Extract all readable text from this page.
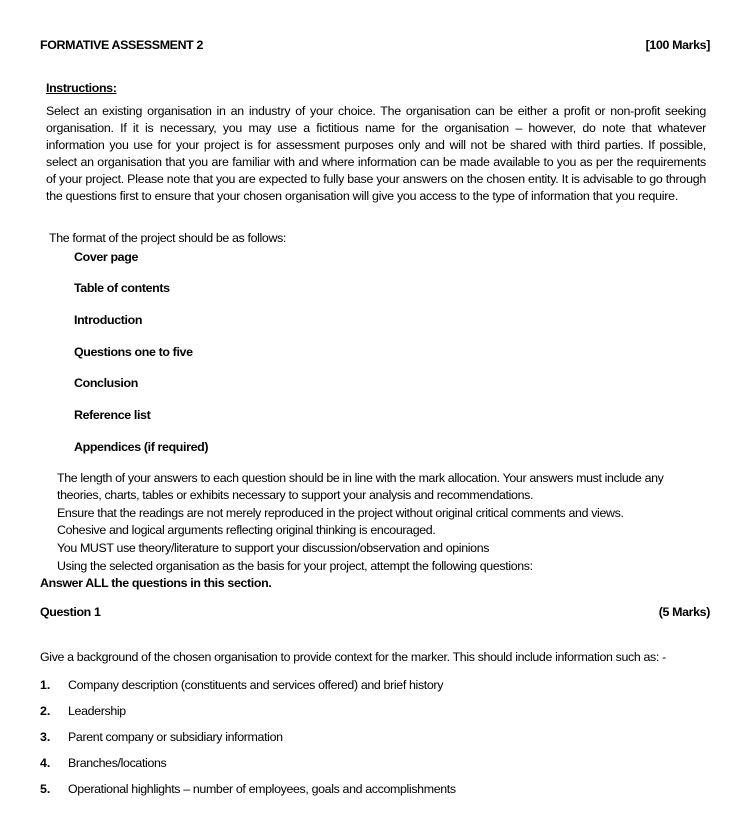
FORMATIVE ASSESSMENT 2	[100 Marks]
Instructions:
Select an existing organisation in an industry of your choice. The organisation can be either a profit or non-profit seeking organisation. If it is necessary, you may use a fictitious name for the organisation – however, do note that whatever information you use for your project is for assessment purposes only and will not be shared with third parties. If possible, select an organisation that you are familiar with and where information can be made available to you as per the requirements of your project. Please note that you are expected to fully base your answers on the chosen entity. It is advisable to go through the questions first to ensure that your chosen organisation will give you access to the type of information that you require.
The format of the project should be as follows:
Cover page
Table of contents
Introduction
Questions one to five
Conclusion
Reference list
Appendices (if required)
The length of your answers to each question should be in line with the mark allocation. Your answers must include any
theories, charts, tables or exhibits necessary to support your analysis and recommendations.
Ensure that the readings are not merely reproduced in the project without original critical comments and views.
Cohesive and logical arguments reflecting original thinking is encouraged.
You MUST use theory/literature to support your discussion/observation and opinions
Using the selected organisation as the basis for your project, attempt the following questions:
Answer ALL the questions in this section.
Question 1	(5 Marks)
Give a background of the chosen organisation to provide context for the marker. This should include information such as: -
1. Company description (constituents and services offered) and brief history
2. Leadership
3. Parent company or subsidiary information
4. Branches/locations
5. Operational highlights – number of employees, goals and accomplishments
